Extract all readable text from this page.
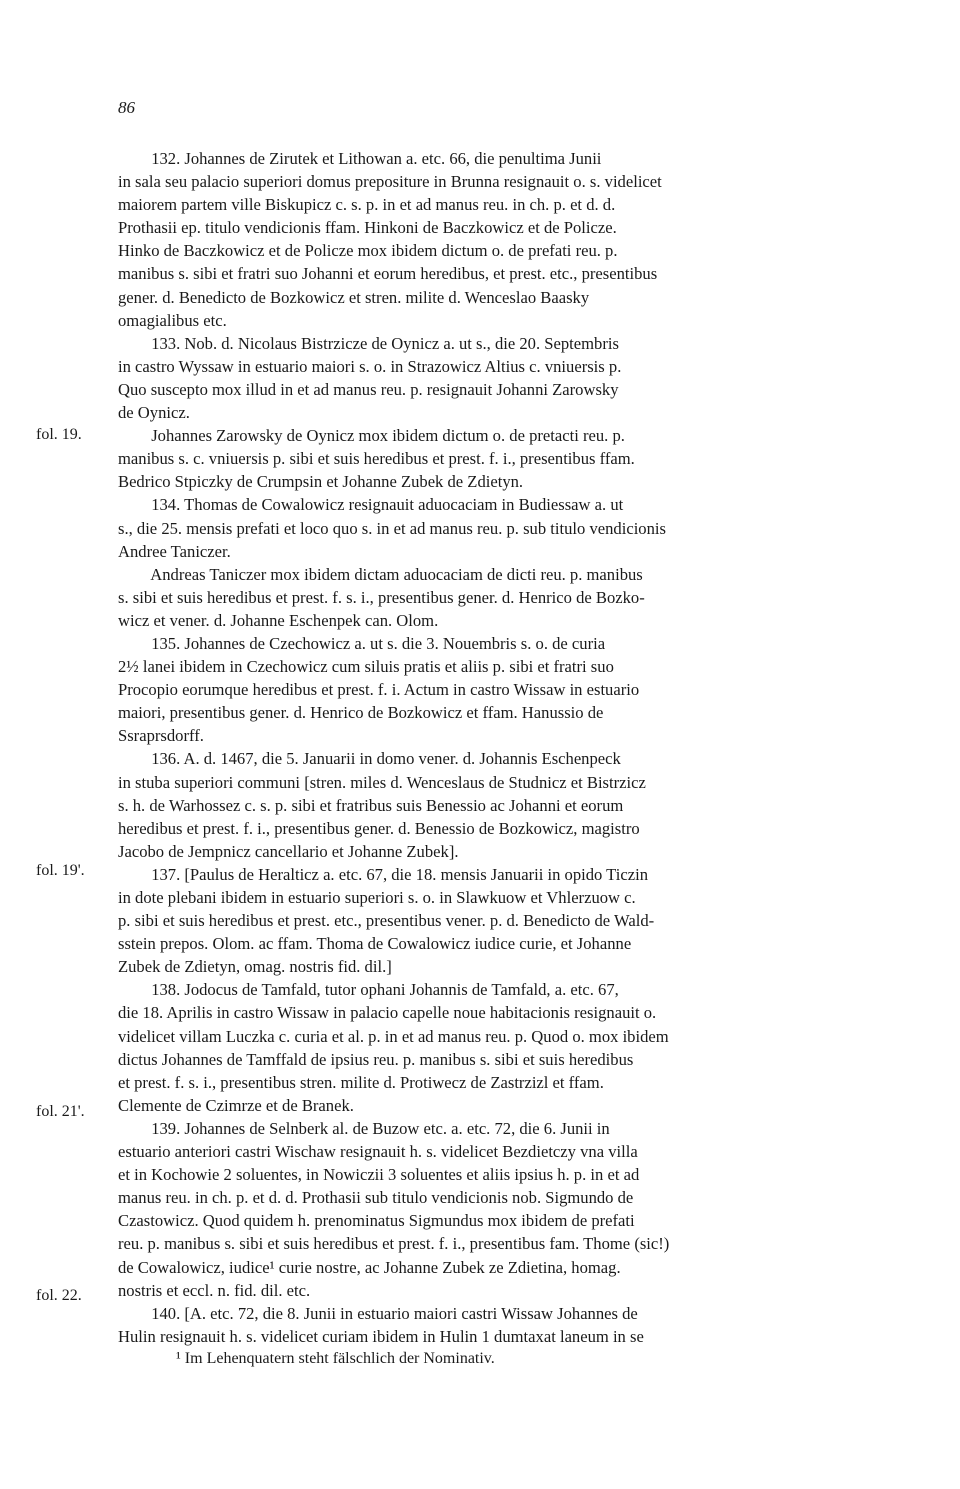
86
132. Johannes de Zirutek et Lithowan a. etc. 66, die penultima Junii
in sala seu palacio superiori domus prepositure in Brunna resignauit o. s. videlicet
maiorem partem ville Biskupicz c. s. p. in et ad manus reu. in ch. p. et d. d.
Prothasii ep. titulo vendicionis ffam. Hinkoni de Baczkowicz et de Policze.
Hinko de Baczkowicz et de Policze mox ibidem dictum o. de prefati reu. p.
manibus s. sibi et fratri suo Johanni et eorum heredibus, et prest. etc., presentibus
gener. d. Benedicto de Bozkowicz et stren. milite d. Wenceslao Baasky
omagialibus etc.
133. Nob. d. Nicolaus Bistrzicze de Oynicz a. ut s., die 20. Septembris
in castro Wyssaw in estuario maiori s. o. in Strazowicz Altius c. vniuersis p.
Quo suscepto mox illud in et ad manus reu. p. resignauit Johanni Zarowsky
de Oynicz.
Johannes Zarowsky de Oynicz mox ibidem dictum o. de pretacti reu. p.
manibus s. c. vniuersis p. sibi et suis heredibus et prest. f. i., presentibus ffam.
Bedrico Stpiczky de Crumpsin et Johanne Zubek de Zdietyn.
134. Thomas de Cowalowicz resignauit aduocaciam in Budiessaw a. ut
s., die 25. mensis prefati et loco quo s. in et ad manus reu. p. sub titulo vendicionis
Andree Taniczer.
Andreas Taniczer mox ibidem dictam aduocaciam de dicti reu. p. manibus
s. sibi et suis heredibus et prest. f. s. i., presentibus gener. d. Henrico de Bozko-
wicz et vener. d. Johanne Eschenpek can. Olom.
135. Johannes de Czechowicz a. ut s. die 3. Nouembris s. o. de curia
2½ lanei ibidem in Czechowicz cum siluis pratis et aliis p. sibi et fratri suo
Procopio eorumque heredibus et prest. f. i. Actum in castro Wissaw in estuario
maiori, presentibus gener. d. Henrico de Bozkowicz et ffam. Hanussio de
Ssraprsdorff.
136. A. d. 1467, die 5. Januarii in domo vener. d. Johannis Eschenpeck
in stuba superiori communi [stren. miles d. Wenceslaus de Studnicz et Bistrzicz
s. h. de Warhossez c. s. p. sibi et fratribus suis Benessio ac Johanni et eorum
heredibus et prest. f. i., presentibus gener. d. Benessio de Bozkowicz, magistro
Jacobo de Jempnicz cancellario et Johanne Zubek].
137. [Paulus de Heralticz a. etc. 67, die 18. mensis Januarii in opido Ticzin
in dote plebani ibidem in estuario superiori s. o. in Slawkuow et Vhlerzuow c.
p. sibi et suis heredibus et prest. etc., presentibus vener. p. d. Benedicto de Wald-
sstein prepos. Olom. ac ffam. Thoma de Cowalowicz iudice curie, et Johanne
Zubek de Zdietyn, omag. nostris fid. dil.]
138. Jodocus de Tamfald, tutor ophani Johannis de Tamfald, a. etc. 67,
die 18. Aprilis in castro Wissaw in palacio capelle noue habitacionis resignauit o.
videlicet villam Luczka c. curia et al. p. in et ad manus reu. p. Quod o. mox ibidem
dictus Johannes de Tamffald de ipsius reu. p. manibus s. sibi et suis heredibus
et prest. f. s. i., presentibus stren. milite d. Protiwecz de Zastrzizl et ffam.
Clemente de Czimrze et de Branek.
139. Johannes de Selnberk al. de Buzow etc. a. etc. 72, die 6. Junii in
estuario anteriori castri Wischaw resignauit h. s. videlicet Bezdietczy vna villa
et in Kochowie 2 soluentes, in Nowiczii 3 soluentes et aliis ipsius h. p. in et ad
manus reu. in ch. p. et d. d. Prothasii sub titulo vendicionis nob. Sigmundo de
Czastowicz. Quod quidem h. prenominatus Sigmundus mox ibidem de prefati
reu. p. manibus s. sibi et suis heredibus et prest. f. i., presentibus fam. Thome (sic!)
de Cowalowicz, iudice¹ curie nostre, ac Johanne Zubek ze Zdietina, homag.
nostris et eccl. n. fid. dil. etc.
140. [A. etc. 72, die 8. Junii in estuario maiori castri Wissaw Johannes de
Hulin resignauit h. s. videlicet curiam ibidem in Hulin 1 dumtaxat laneum in se
fol. 19.
fol. 19'.
fol. 21'.
fol. 22.
¹ Im Lehenquatern steht fälschlich der Nominativ.
